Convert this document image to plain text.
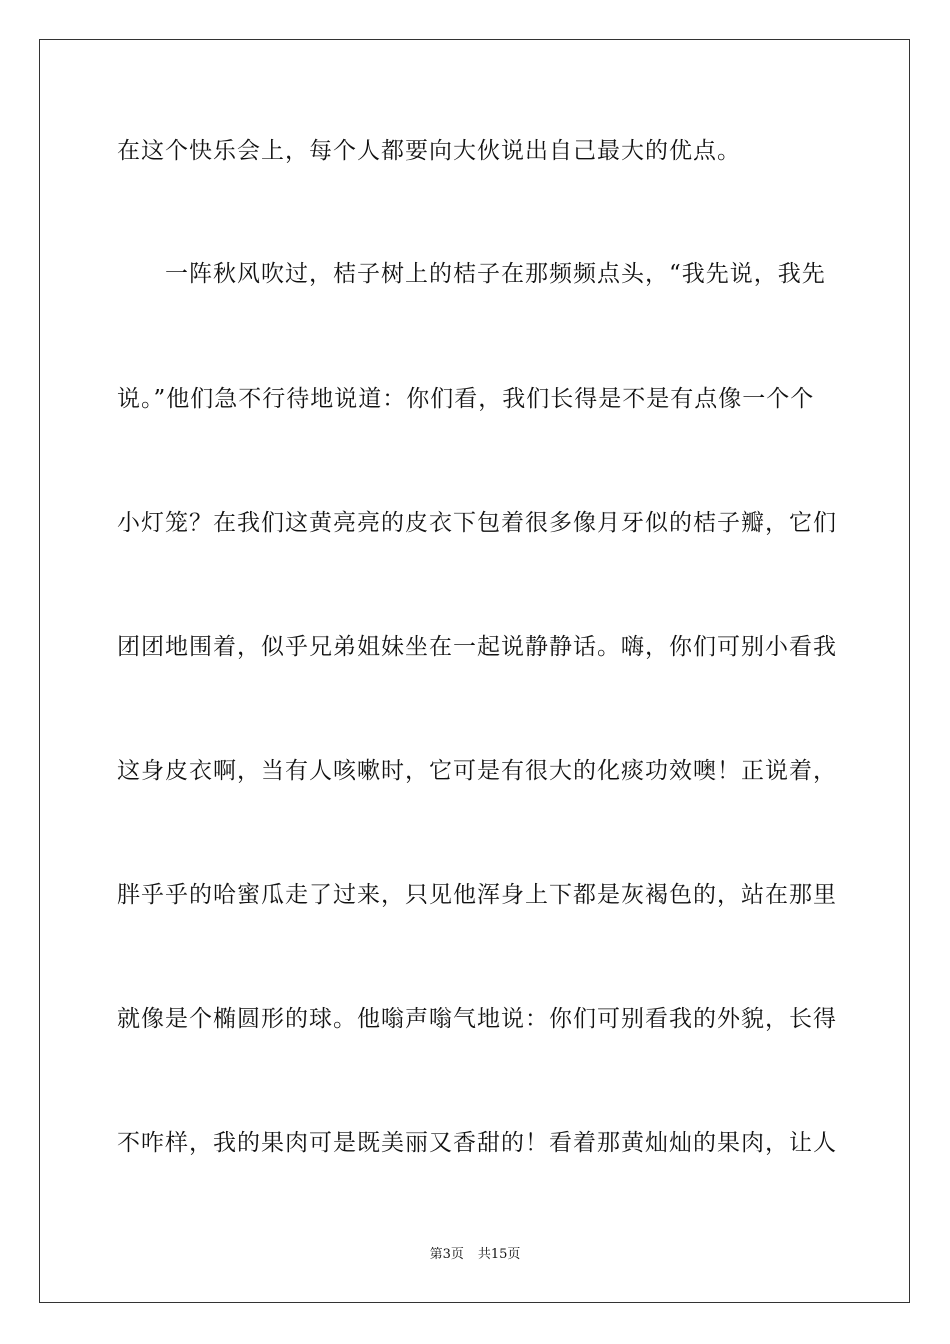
在这个快乐会上，每个人都要向大伙说出自己最大的优点。
　　一阵秋风吹过，桔子树上的桔子在那频频点头，“我先说，我先
说。”他们急不行待地说道：你们看，我们长得是不是有点像一个个
小灯笼？在我们这黄亮亮的皮衣下包着很多像月牙似的桔子瓣，它们
团团地围着，似乎兄弟姐妹坐在一起说静静话。嗨，你们可别小看我
这身皮衣啊，当有人咳嗽时，它可是有很大的化痰功效噢！正说着，
胖乎乎的哈蜜瓜走了过来，只见他浑身上下都是灰褐色的，站在那里
就像是个椭圆形的球。他嗡声嗡气地说：你们可别看我的外貌，长得
不咋样，我的果肉可是既美丽又香甜的！看着那黄灿灿的果肉，让人
第3页 共15页
